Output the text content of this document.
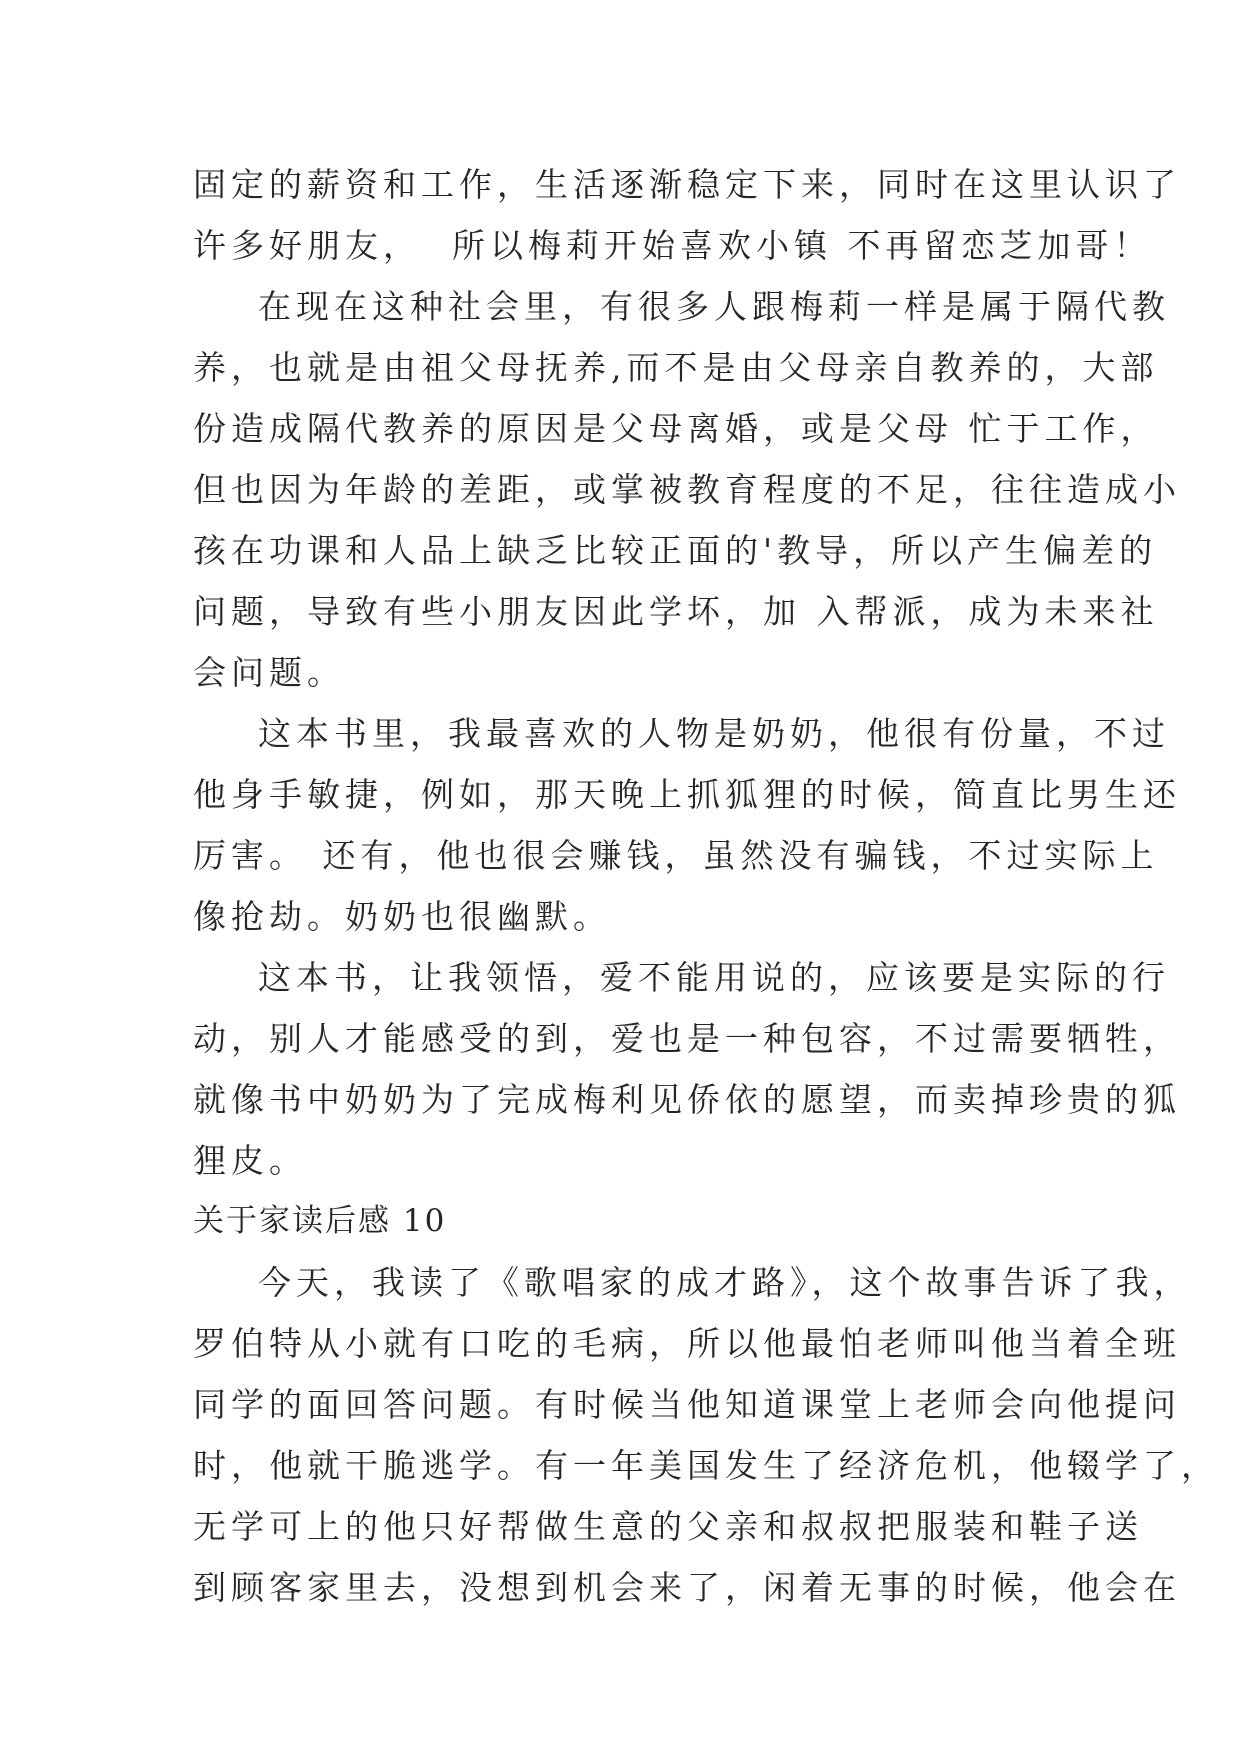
固定的薪资和工作，生活逐渐稳定下来，同时在这里认识了
许多好朋友，  所以梅莉开始喜欢小镇 不再留恋芝加哥！
在现在这种社会里，有很多人跟梅莉一样是属于隔代教
养，也就是由祖父母抚养,而不是由父母亲自教养的，大部
份造成隔代教养的原因是父母离婚，或是父母 忙于工作，
但也因为年龄的差距，或掌被教育程度的不足，往往造成小
孩在功课和人品上缺乏比较正面的'教导，所以产生偏差的
问题，导致有些小朋友因此学坏，加 入帮派，成为未来社
会问题。
这本书里，我最喜欢的人物是奶奶，他很有份量，不过
他身手敏捷，例如，那天晚上抓狐狸的时候，简直比男生还
厉害。 还有，他也很会赚钱，虽然没有骗钱，不过实际上
像抢劫。奶奶也很幽默。
这本书，让我领悟，爱不能用说的，应该要是实际的行
动，别人才能感受的到，爱也是一种包容，不过需要牺牲，
就像书中奶奶为了完成梅利见侨依的愿望，而卖掉珍贵的狐
狸皮。
关于家读后感 10
今天，我读了《歌唱家的成才路》，这个故事告诉了我，
罗伯特从小就有口吃的毛病，所以他最怕老师叫他当着全班
同学的面回答问题。有时候当他知道课堂上老师会向他提问
时，他就干脆逃学。有一年美国发生了经济危机，他辍学了，
无学可上的他只好帮做生意的父亲和叔叔把服装和鞋子送
到顾客家里去，没想到机会来了，闲着无事的时候，他会在
